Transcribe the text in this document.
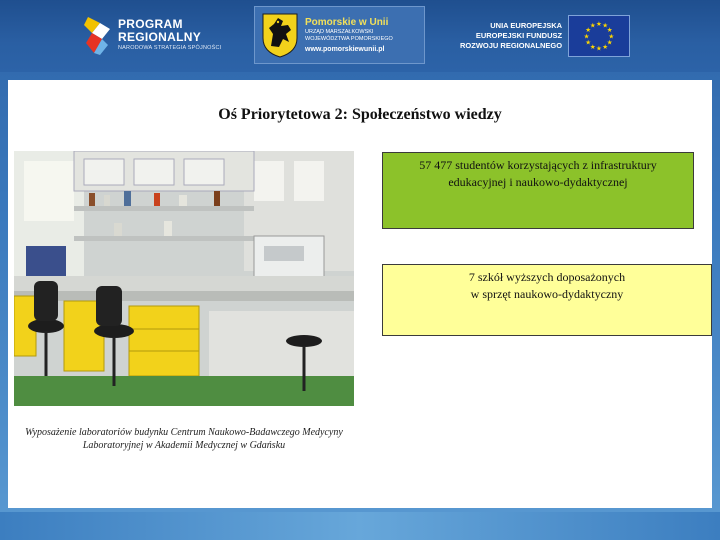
PROGRAM
REGIONALNY
NARODOWA STRATEGIA SPÓJNOŚCI
Pomorskie w Unii
URZĄD MARSZAŁKOWSKI
WOJEWÓDZTWA POMORSKIEGO
www.pomorskiewunii.pl
UNIA EUROPEJSKA
EUROPEJSKI FUNDUSZ
ROZWOJU REGIONALNEGO
★
★
★
★
★
★
★
★
★ ★ ★
★
Oś Priorytetowa 2: Społeczeństwo wiedzy
Wyposażenie laboratoriów budynku Centrum Naukowo-Badawczego Medycyny Laboratoryjnej w Akademii Medycznej w Gdańsku
57 477 studentów korzystających z infrastruktury
edukacyjnej i naukowo-dydaktycznej
7 szkół wyższych doposażonych
w sprzęt naukowo-dydaktyczny
